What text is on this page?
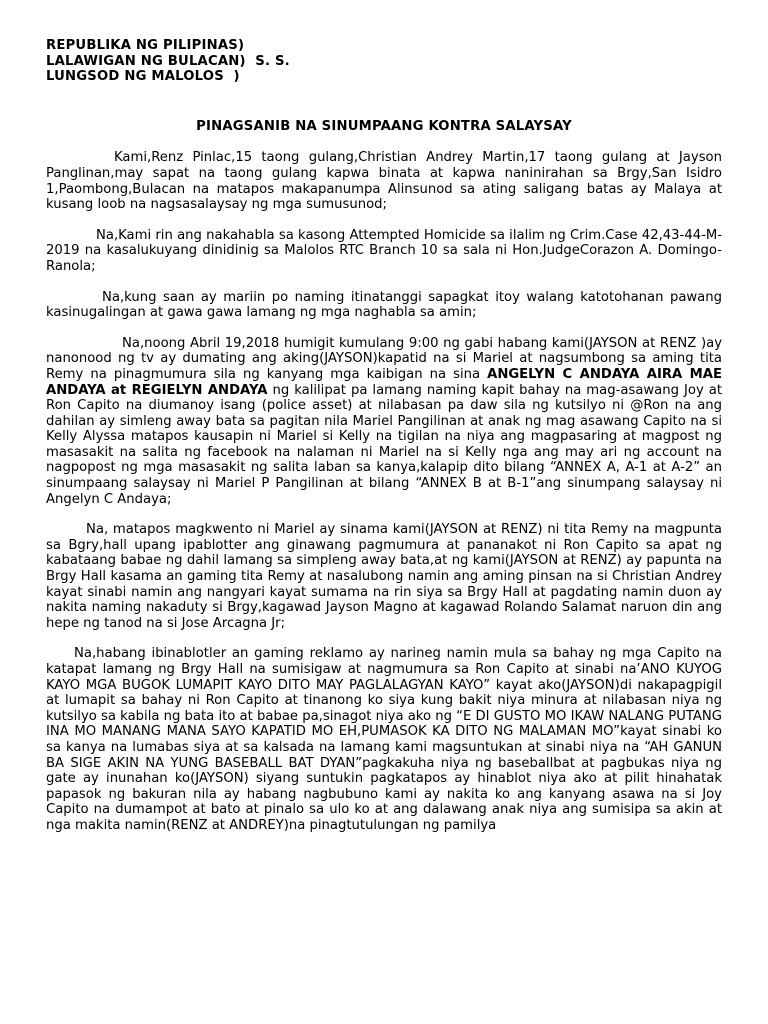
REPUBLIKA NG PILIPINAS)
LALAWIGAN NG BULACAN)  S. S.
LUNGSOD NG MALOLOS  )
PINAGSANIB NA SINUMPAANG KONTRA SALAYSAY

Kami,Renz Pinlac,15 taong gulang,Christian Andrey Martin,17 taong gulang at Jayson Panglinan,may sapat na taong gulang kapwa binata at kapwa naninirahan sa Brgy,San Isidro 1,Paombong,Bulacan na matapos makapanumpa Alinsunod sa ating saligang batas ay Malaya at kusang loob na nagsasalaysay ng mga sumusunod;

Na,Kami rin ang nakahabla sa kasong Attempted Homicide sa ilalim ng Crim.Case 42,43-44-M-2019 na kasalukuyang dinidinig sa Malolos RTC Branch 10 sa sala ni Hon.JudgeCorazon A. Domingo- Ranola;

Na,kung saan ay mariin po naming itinatanggi sapagkat itoy walang katotohanan pawang kasinugalingan at gawa gawa lamang ng mga naghabla sa amin;

Na,noong Abril 19,2018 humigit kumulang 9:00 ng gabi habang kami(JAYSON at RENZ )ay nanonood ng tv ay dumating ang aking(JAYSON)kapatid na si Mariel at nagsumbong sa aming tita Remy na pinagmumura sila ng kanyang mga kaibigan na sina ANGELYN C ANDAYA AIRA MAE ANDAYA at REGIELYN ANDAYA ng kalilipat pa lamang naming kapit bahay na mag-asawang Joy at Ron Capito na diumanoy isang (police asset) at nilabasan pa daw sila ng kutsilyo ni @Ron na ang dahilan ay simleng away bata sa pagitan nila Mariel Pangilinan at anak ng mag asawang Capito na si Kelly Alyssa matapos kausapin ni Mariel si Kelly na tigilan na niya ang magpasaring at magpost ng masasakit na salita ng facebook na nalaman ni Mariel na si Kelly nga ang may ari ng account na nagpopost ng mga masasakit ng salita laban sa kanya,kalapip dito bilang “ANNEX A, A-1 at A-2” an sinumpaang salaysay ni Mariel P Pangilinan at bilang “ANNEX B at B-1”ang sinumpang salaysay ni Angelyn C Andaya;

Na, matapos magkwento ni Mariel ay sinama kami(JAYSON at RENZ) ni tita Remy na magpunta sa Bgry,hall upang ipablotter ang ginawang pagmumura at pananakot ni Ron Capito sa apat ng kabataang babae ng dahil lamang sa simpleng away bata,at ng kami(JAYSON at RENZ) ay papunta na Brgy Hall kasama an gaming tita Remy at nasalubong namin ang aming pinsan na si Christian Andrey kayat sinabi namin ang nangyari kayat sumama na rin siya sa Brgy Hall at pagdating namin duon ay nakita naming nakaduty si Brgy,kagawad Jayson Magno at kagawad Rolando Salamat naruon din ang hepe ng tanod na si Jose Arcagna Jr;

Na,habang ibinablotler an gaming reklamo ay narineg namin mula sa bahay ng mga Capito na katapat lamang ng Brgy Hall na sumisigaw at nagmumura sa Ron Capito at sinabi na’ANO KUYOG KAYO MGA BUGOK LUMAPIT KAYO DITO MAY PAGLALAGYAN KAYO” kayat ako(JAYSON)di nakapagpigil at lumapit sa bahay ni Ron Capito at tinanong ko siya kung bakit niya minura at nilabasan niya ng kutsilyo sa kabila ng bata ito at babae pa,sinagot niya ako ng “E DI GUSTO MO IKAW NALANG PUTANG INA MO MANANG MANA SAYO KAPATID MO EH,PUMASOK KA DITO NG MALAMAN MO”kayat sinabi ko sa kanya na lumabas siya at sa kalsada na lamang kami magsuntukan at sinabi niya na “AH GANUN BA SIGE AKIN NA YUNG BASEBALL BAT DYAN”pagkakuha niya ng baseballbat at pagbukas niya ng gate ay inunahan ko(JAYSON) siyang suntukin pagkatapos ay hinablot niya ako at pilit hinahatak papasok ng bakuran nila ay habang nagbubuno kami ay nakita ko ang kanyang asawa na si Joy Capito na dumampot at bato at pinalo sa ulo ko at ang dalawang anak niya ang sumisipa sa akin at nga makita namin(RENZ at ANDREY)na pinagtutulungan ng pamilya
